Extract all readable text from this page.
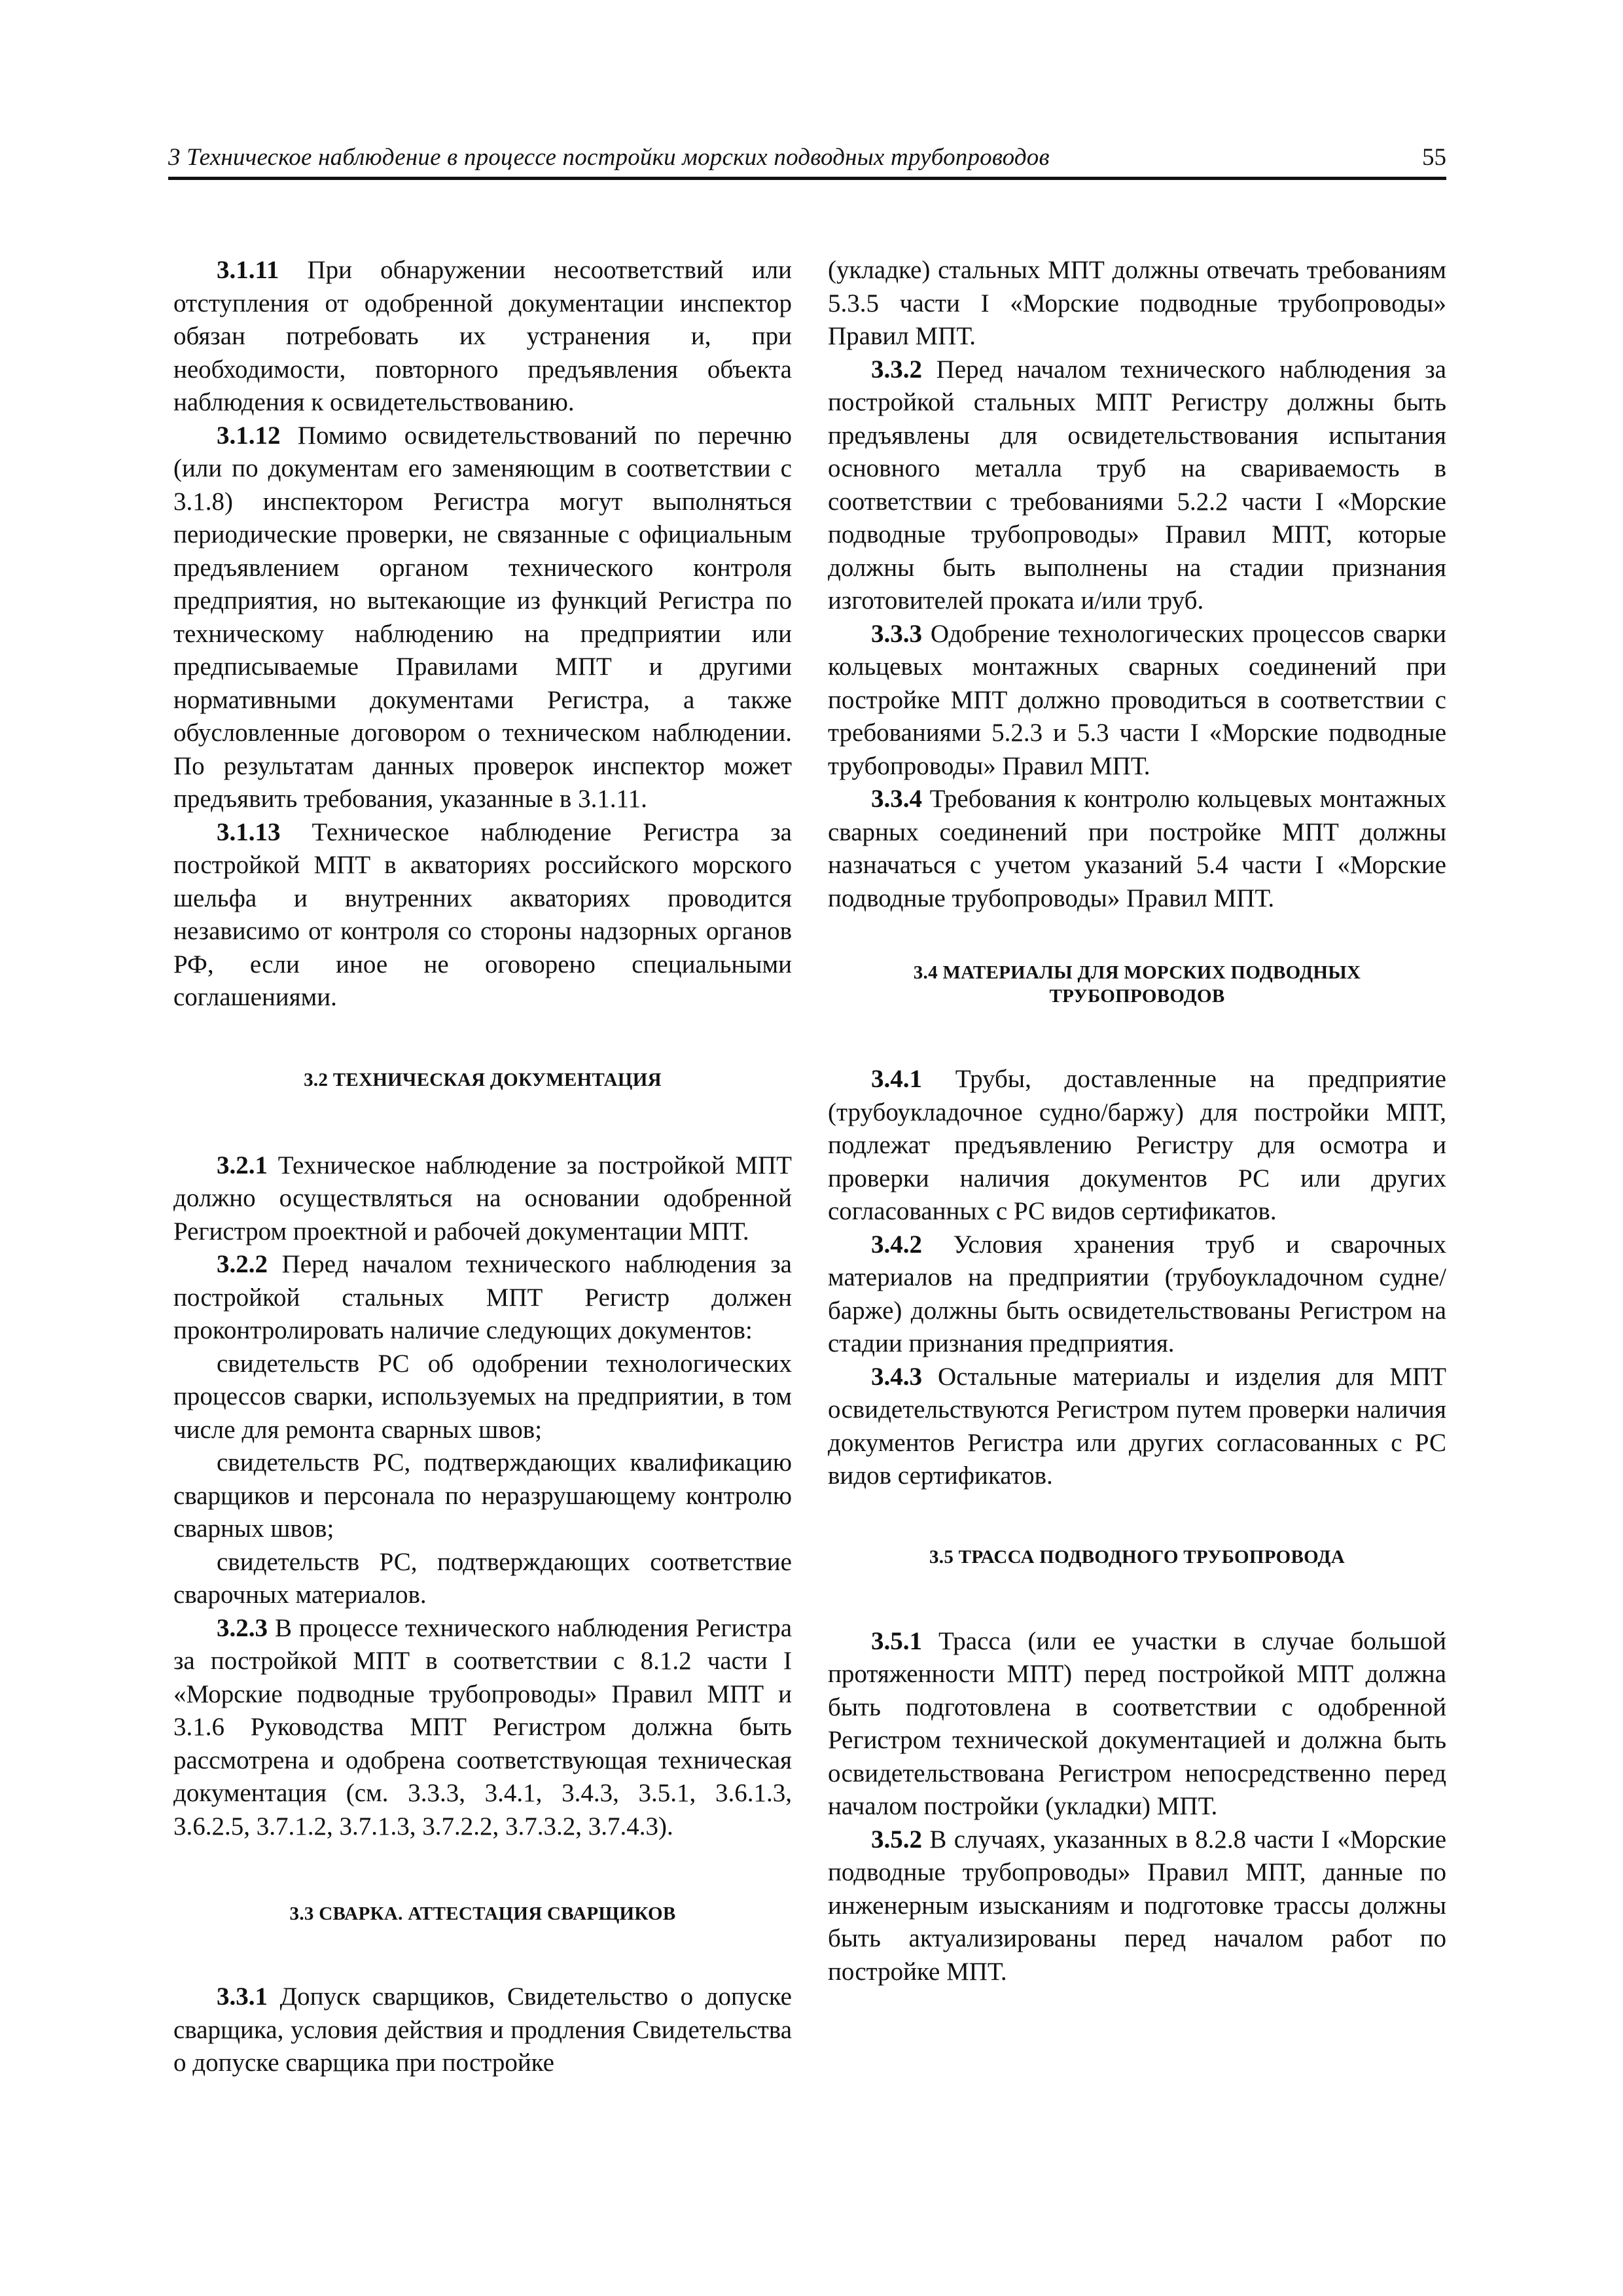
3 Техническое наблюдение в процессе постройки морских подводных трубопроводов	55

3.1.11 При обнаружении несоответствий или отступления от одобренной документации инспектор обязан потребовать их устранения и, при необходимости, повторного предъявления объекта наблюдения к освидетельствованию.

3.1.12 Помимо освидетельствований по перечню (или по документам его заменяющим в соответствии с 3.1.8) инспектором Регистра могут выполняться периодические проверки, не связанные с официальным предъявлением органом технического контроля предприятия, но вытекающие из функций Регистра по техническому наблюдению на предприятии или предписываемые Правилами МПТ и другими нормативными документами Регистра, а также обусловленные договором о техническом наблюдении. По результатам данных проверок инспектор может предъявить требования, указанные в 3.1.11.

3.1.13 Техническое наблюдение Регистра за постройкой МПТ в акваториях российского морского шельфа и внутренних акваториях проводится независимо от контроля со стороны надзорных органов РФ, если иное не оговорено специальными соглашениями.

3.2 ТЕХНИЧЕСКАЯ ДОКУМЕНТАЦИЯ

3.2.1 Техническое наблюдение за постройкой МПТ должно осуществляться на основании одобренной Регистром проектной и рабочей документации МПТ.

3.2.2 Перед началом технического наблюдения за постройкой стальных МПТ Регистр должен проконтролировать наличие следующих документов:

свидетельств РС об одобрении технологических процессов сварки, используемых на предприятии, в том числе для ремонта сварных швов;

свидетельств РС, подтверждающих квалификацию сварщиков и персонала по неразрушающему контролю сварных швов;

свидетельств РС, подтверждающих соответствие сварочных материалов.

3.2.3 В процессе технического наблюдения Регистра за постройкой МПТ в соответствии с 8.1.2 части I «Морские подводные трубопроводы» Правил МПТ и 3.1.6 Руководства МПТ Регистром должна быть рассмотрена и одобрена соответствующая техническая документация (см. 3.3.3, 3.4.1, 3.4.3, 3.5.1, 3.6.1.3, 3.6.2.5, 3.7.1.2, 3.7.1.3, 3.7.2.2, 3.7.3.2, 3.7.4.3).

3.3 СВАРКА. АТТЕСТАЦИЯ СВАРЩИКОВ

3.3.1 Допуск сварщиков, Свидетельство о допуске сварщика, условия действия и продления Свидетельства о допуске сварщика при постройке

(укладке) стальных МПТ должны отвечать требованиям 5.3.5 части I «Морские подводные трубопроводы» Правил МПТ.

3.3.2 Перед началом технического наблюдения за постройкой стальных МПТ Регистру должны быть предъявлены для освидетельствования испытания основного металла труб на свариваемость в соответствии с требованиями 5.2.2 части I «Морские подводные трубопроводы» Правил МПТ, которые должны быть выполнены на стадии признания изготовителей проката и/или труб.

3.3.3 Одобрение технологических процессов сварки кольцевых монтажных сварных соединений при постройке МПТ должно проводиться в соответствии с требованиями 5.2.3 и 5.3 части I «Морские подводные трубопроводы» Правил МПТ.

3.3.4 Требования к контролю кольцевых монтажных сварных соединений при постройке МПТ должны назначаться с учетом указаний 5.4 части I «Морские подводные трубопроводы» Правил МПТ.

3.4 МАТЕРИАЛЫ ДЛЯ МОРСКИХ ПОДВОДНЫХ
ТРУБОПРОВОДОВ

3.4.1 Трубы, доставленные на предприятие (трубоукладочное судно/баржу) для постройки МПТ, подлежат предъявлению Регистру для осмотра и проверки наличия документов РС или других согласованных с РС видов сертификатов.

3.4.2 Условия хранения труб и сварочных материалов на предприятии (трубоукладочном судне/барже) должны быть освидетельствованы Регистром на стадии признания предприятия.

3.4.3 Остальные материалы и изделия для МПТ освидетельствуются Регистром путем проверки наличия документов Регистра или других согласованных с РС видов сертификатов.

3.5 ТРАССА ПОДВОДНОГО ТРУБОПРОВОДА

3.5.1 Трасса (или ее участки в случае большой протяженности МПТ) перед постройкой МПТ должна быть подготовлена в соответствии с одобренной Регистром технической документацией и должна быть освидетельствована Регистром непосредственно перед началом постройки (укладки) МПТ.

3.5.2 В случаях, указанных в 8.2.8 части I «Морские подводные трубопроводы» Правил МПТ, данные по инженерным изысканиям и подготовке трассы должны быть актуализированы перед началом работ по постройке МПТ.
